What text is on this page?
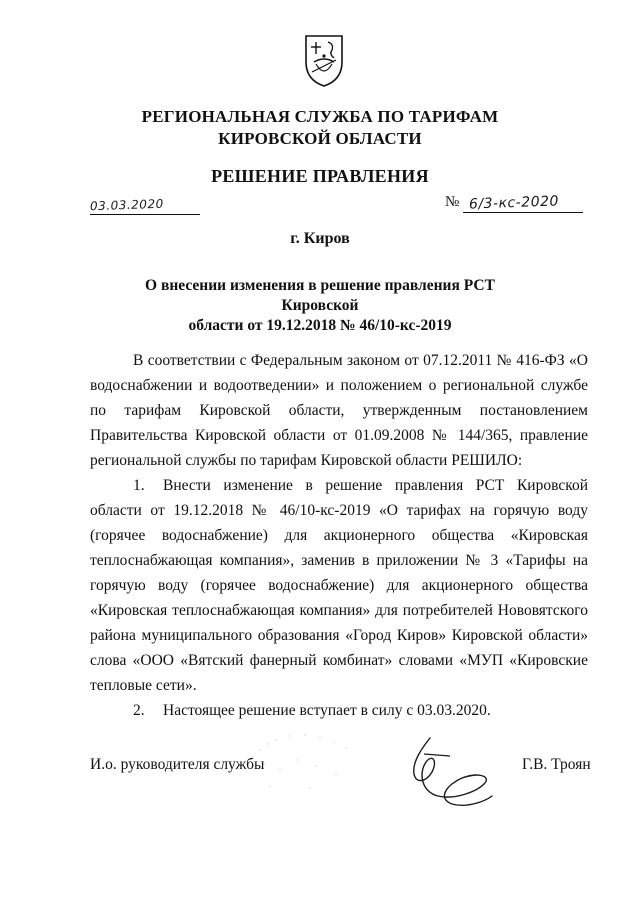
РЕГИОНАЛЬНАЯ СЛУЖБА ПО ТАРИФАМ
КИРОВСКОЙ ОБЛАСТИ
РЕШЕНИЕ ПРАВЛЕНИЯ
03.03.2020	№ 6/3-кс-2020
г. Киров
О внесении изменения в решение правления РСТ Кировской
области от 19.12.2018 № 46/10-кс-2019

В соответствии с Федеральным законом от 07.12.2011 № 416-ФЗ «О водоснабжении и водоотведении» и положением о региональной службе по тарифам Кировской области, утвержденным постановлением Правительства Кировской области от 01.09.2008 № 144/365, правление региональной службы по тарифам Кировской области РЕШИЛО:

1. Внести изменение в решение правления РСТ Кировской области от 19.12.2018 № 46/10-кс-2019 «О тарифах на горячую воду (горячее водоснабжение) для акционерного общества «Кировская теплоснабжающая компания», заменив в приложении № 3 «Тарифы на горячую воду (горячее водоснабжение) для акционерного общества «Кировская теплоснабжающая компания» для потребителей Нововятского района муниципального образования «Город Киров» Кировской области» слова «ООО «Вятский фанерный комбинат» словами «МУП «Кировские тепловые сети».

2. Настоящее решение вступает в силу с 03.03.2020.

И.о. руководителя службы	Г.В. Троян
